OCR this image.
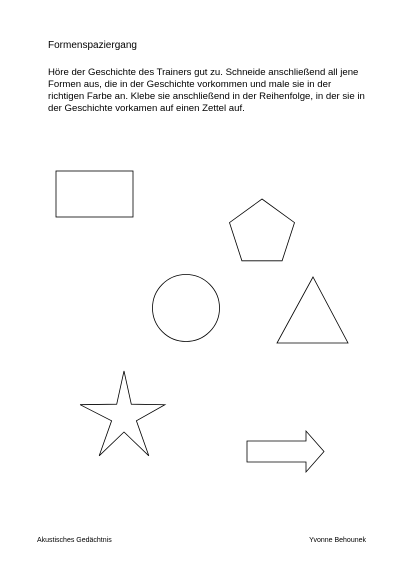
Formenspaziergang
Höre der Geschichte des Trainers gut zu. Schneide anschließend all jene Formen aus, die in der Geschichte vorkommen und male sie in der richtigen Farbe an. Klebe sie anschließend in der Reihenfolge, in der sie in der Geschichte vorkamen auf einen Zettel auf.
Akustisches Gedächtnis	Yvonne Behounek
